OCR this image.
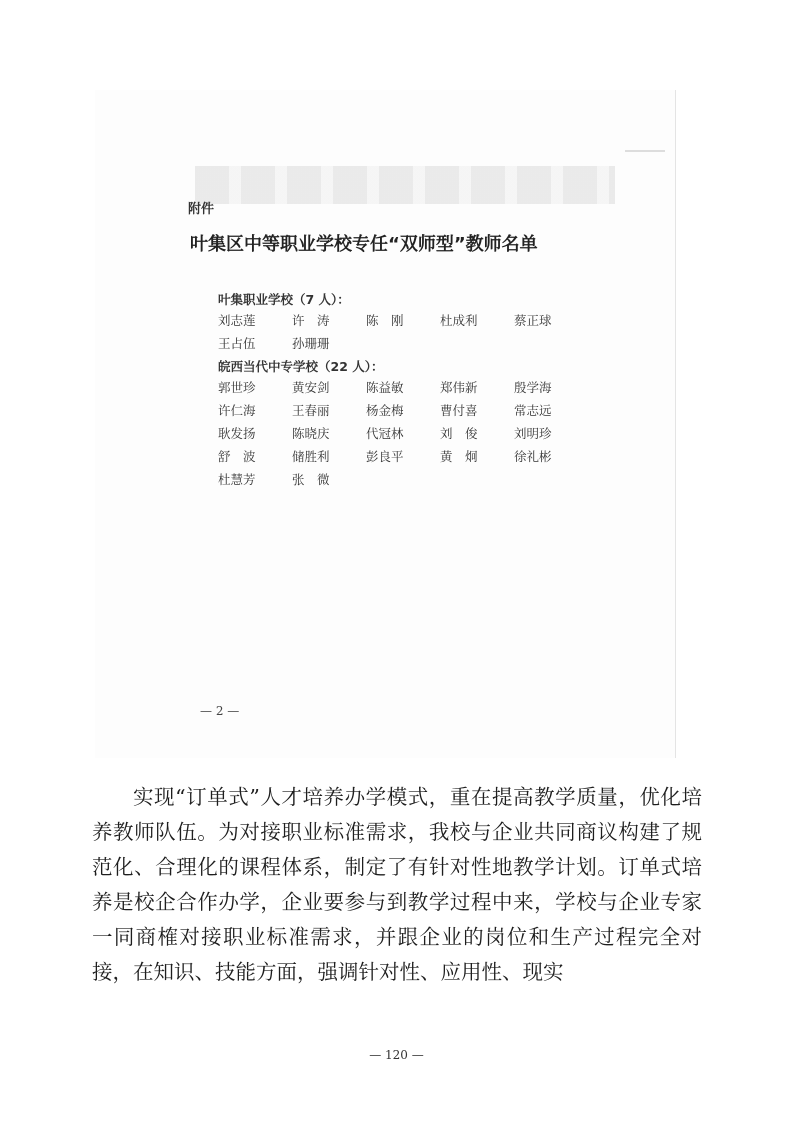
附件
叶集区中等职业学校专任“双师型”教师名单
叶集职业学校（7 人）：
刘志莲	许　涛	陈　刚	杜成利	蔡正球
王占伍	孙珊珊
皖西当代中专学校（22 人）：
郭世珍	黄安剑	陈益敏	郑伟新	殷学海
许仁海	王春丽	杨金梅	曹付喜	常志远
耿发扬	陈晓庆	代冠林	刘　俊	刘明珍
舒　波	储胜利	彭良平	黄　炯	徐礼彬
杜慧芳	张　微
— 2 —

实现“订单式”人才培养办学模式，重在提高教学质量，优化培养教师队伍。为对接职业标准需求，我校与企业共同商议构建了规范化、合理化的课程体系，制定了有针对性地教学计划。订单式培养是校企合作办学，企业要参与到教学过程中来，学校与企业专家一同商榷对接职业标准需求，并跟企业的岗位和生产过程完全对接，在知识、技能方面，强调针对性、应用性、现实

— 120 —
